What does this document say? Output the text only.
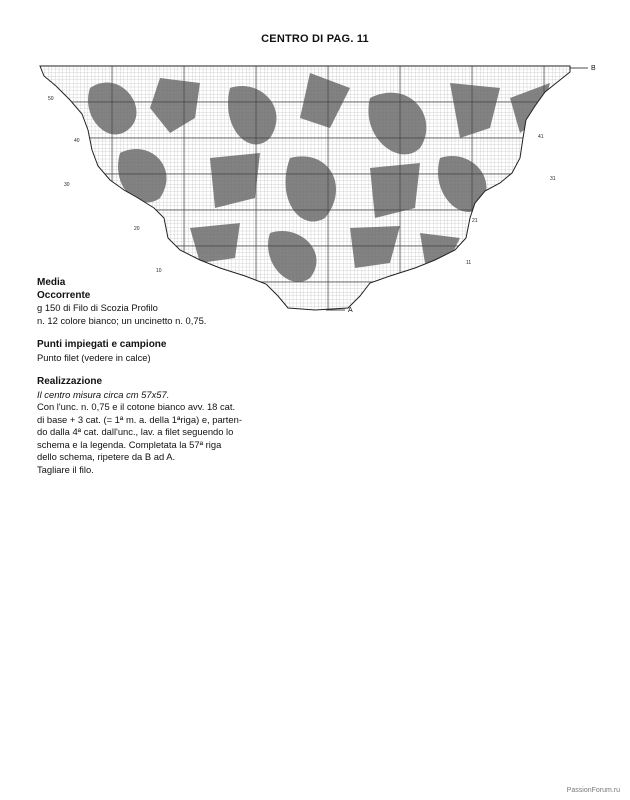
CENTRO DI PAG. 11
50
40
30
20
10
41
31
21
11
B
A
Media
Occorrente
g 150 di Filo di Scozia Profilo
n. 12 colore bianco; un uncinetto n. 0,75.
Punti impiegati e campione
Punto filet (vedere in calce)
Realizzazione
Il centro misura circa cm 57x57.
Con l'unc. n. 0,75 e il cotone bianco avv. 18 cat.
di base + 3 cat. (= 1ª m. a. della 1ªriga) e, parten-
do dalla 4ª cat. dall'unc., lav. a filet seguendo lo
schema e la legenda. Completata la 57ª riga
dello schema, ripetere da B ad A.
Tagliare il filo.
PassionForum.ru
